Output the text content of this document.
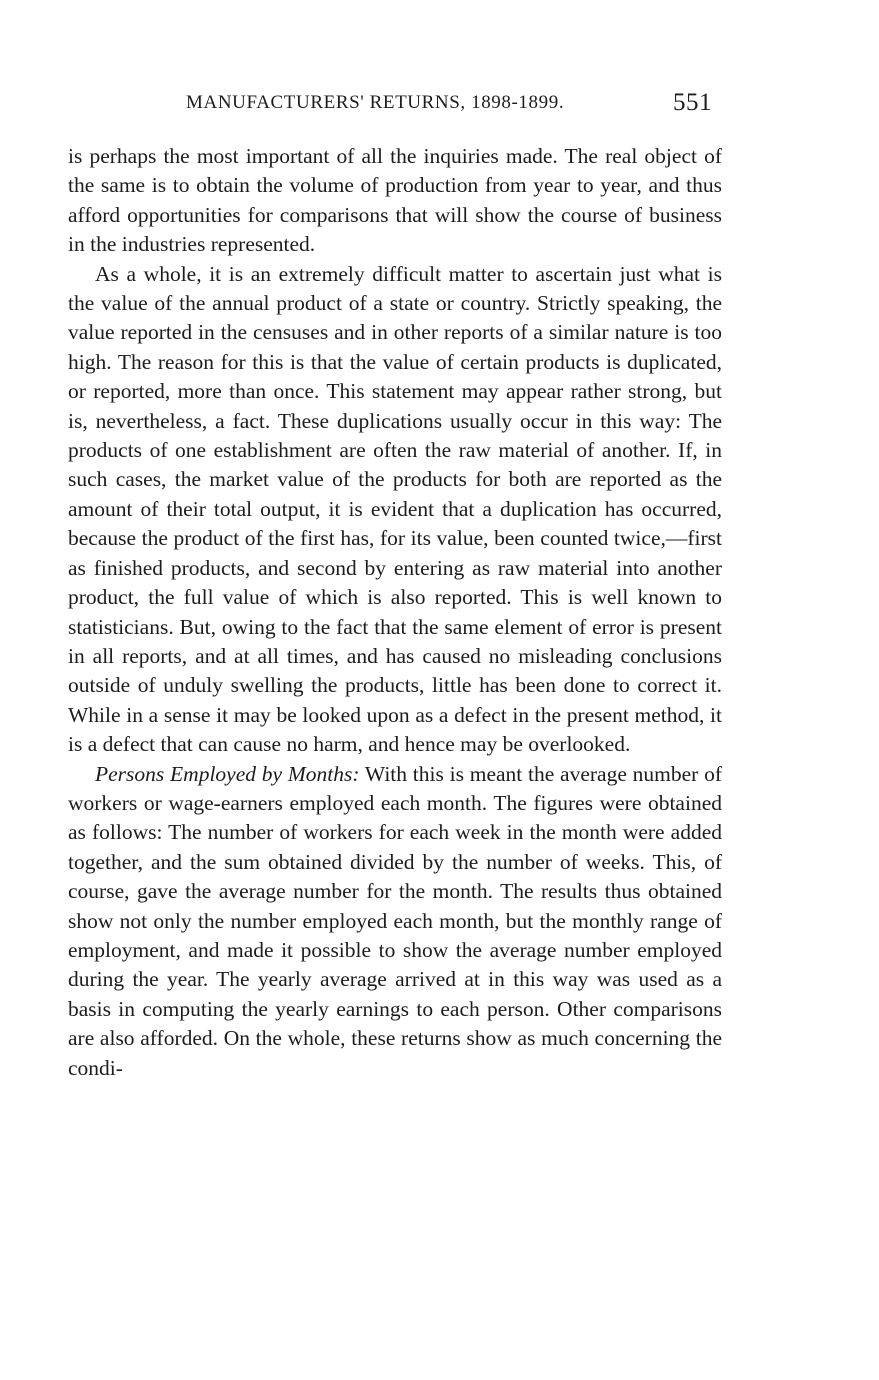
MANUFACTURERS' RETURNS, 1898-1899.	551

is perhaps the most important of all the inquiries made. The real object of the same is to obtain the volume of production from year to year, and thus afford opportunities for comparisons that will show the course of business in the industries represented.

As a whole, it is an extremely difficult matter to ascertain just what is the value of the annual product of a state or country. Strictly speaking, the value reported in the censuses and in other reports of a similar nature is too high. The reason for this is that the value of certain products is duplicated, or reported, more than once. This statement may appear rather strong, but is, nevertheless, a fact. These duplications usually occur in this way: The products of one establishment are often the raw material of another. If, in such cases, the market value of the products for both are reported as the amount of their total output, it is evident that a duplication has occurred, because the product of the first has, for its value, been counted twice,—first as finished products, and second by entering as raw material into another product, the full value of which is also reported. This is well known to statisticians. But, owing to the fact that the same element of error is present in all reports, and at all times, and has caused no misleading conclusions outside of unduly swelling the products, little has been done to correct it. While in a sense it may be looked upon as a defect in the present method, it is a defect that can cause no harm, and hence may be overlooked.

Persons Employed by Months: With this is meant the average number of workers or wage-earners employed each month. The figures were obtained as follows: The number of workers for each week in the month were added together, and the sum obtained divided by the number of weeks. This, of course, gave the average number for the month. The results thus obtained show not only the number employed each month, but the monthly range of employment, and made it possible to show the average number employed during the year. The yearly average arrived at in this way was used as a basis in computing the yearly earnings to each person. Other comparisons are also afforded. On the whole, these returns show as much concerning the condi-
